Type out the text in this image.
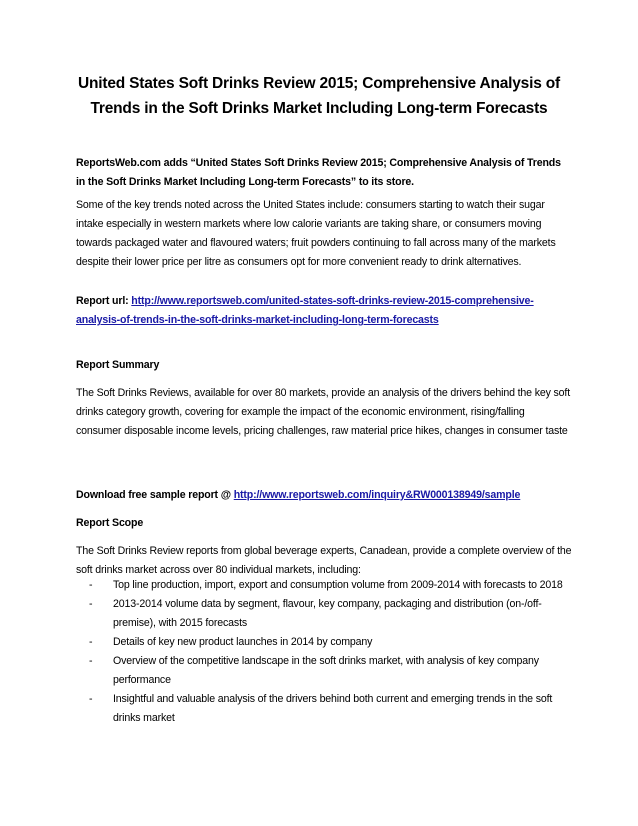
United States Soft Drinks Review 2015; Comprehensive Analysis of
Trends in the Soft Drinks Market Including Long-term Forecasts
ReportsWeb.com adds “United States Soft Drinks Review 2015; Comprehensive Analysis of Trends in the Soft Drinks Market Including Long-term Forecasts” to its store.
Some of the key trends noted across the United States include: consumers starting to watch their sugar intake especially in western markets where low calorie variants are taking share, or consumers moving towards packaged water and flavoured waters; fruit powders continuing to fall across many of the markets despite their lower price per litre as consumers opt for more convenient ready to drink alternatives.
Report url: http://www.reportsweb.com/united-states-soft-drinks-review-2015-comprehensive-analysis-of-trends-in-the-soft-drinks-market-including-long-term-forecasts
Report Summary
The Soft Drinks Reviews, available for over 80 markets, provide an analysis of the drivers behind the key soft drinks category growth, covering for example the impact of the economic environment, rising/falling consumer disposable income levels, pricing challenges, raw material price hikes, changes in consumer taste
Download free sample report @ http://www.reportsweb.com/inquiry&RW000138949/sample
Report Scope
The Soft Drinks Review reports from global beverage experts, Canadean, provide a complete overview of the soft drinks market across over 80 individual markets, including:
- Top line production, import, export and consumption volume from 2009-2014 with forecasts to 2018
- 2013-2014 volume data by segment, flavour, key company, packaging and distribution (on-/off-premise), with 2015 forecasts
- Details of key new product launches in 2014 by company
- Overview of the competitive landscape in the soft drinks market, with analysis of key company performance
- Insightful and valuable analysis of the drivers behind both current and emerging trends in the soft drinks market
